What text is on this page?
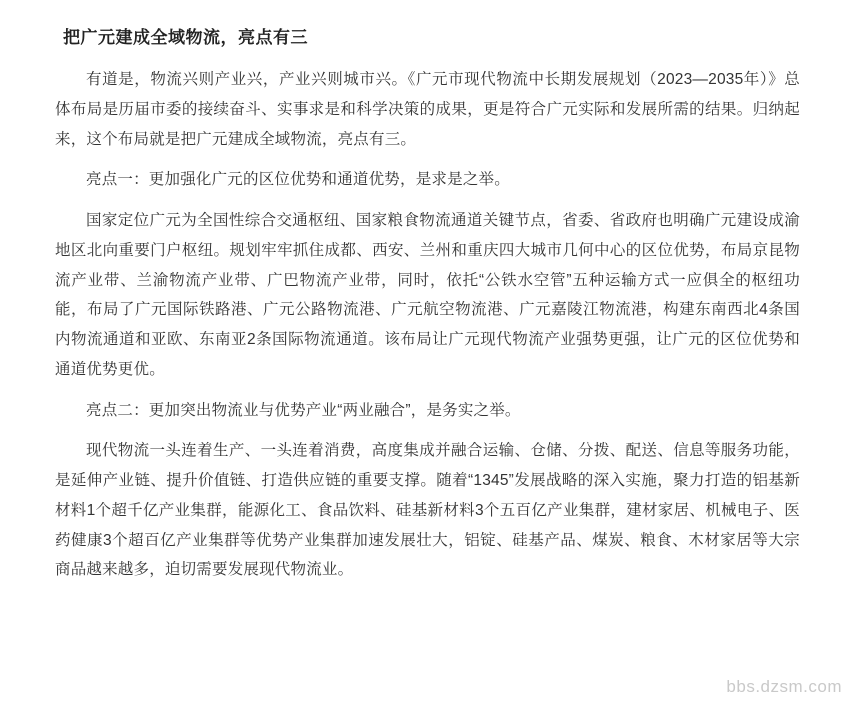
把广元建成全域物流，亮点有三

有道是，物流兴则产业兴，产业兴则城市兴。《广元市现代物流中长期发展规划（2023—2035年）》总体布局是历届市委的接续奋斗、实事求是和科学决策的成果，更是符合广元实际和发展所需的结果。归纳起来，这个布局就是把广元建成全域物流，亮点有三。

亮点一：更加强化广元的区位优势和通道优势，是求是之举。

国家定位广元为全国性综合交通枢纽、国家粮食物流通道关键节点，省委、省政府也明确广元建设成渝地区北向重要门户枢纽。规划牢牢抓住成都、西安、兰州和重庆四大城市几何中心的区位优势，布局京昆物流产业带、兰渝物流产业带、广巴物流产业带，同时，依托“公铁水空管”五种运输方式一应俱全的枢纽功能，布局了广元国际铁路港、广元公路物流港、广元航空物流港、广元嘉陵江物流港，构建东南西北4条国内物流通道和亚欧、东南亚2条国际物流通道。该布局让广元现代物流产业强势更强，让广元的区位优势和通道优势更优。

亮点二：更加突出物流业与优势产业“两业融合”，是务实之举。

现代物流一头连着生产、一头连着消费，高度集成并融合运输、仓储、分拨、配送、信息等服务功能，是延伸产业链、提升价值链、打造供应链的重要支撑。随着“1345”发展战略的深入实施，聚力打造的铝基新材料1个超千亿产业集群，能源化工、食品饮料、硅基新材料3个五百亿产业集群，建材家居、机械电子、医药健康3个超百亿产业集群等优势产业集群加速发展壮大，铝锭、硅基产品、煤炭、粮食、木材家居等大宗商品越来越多，迫切需要发展现代物流业。

bbs.dzsm.com
